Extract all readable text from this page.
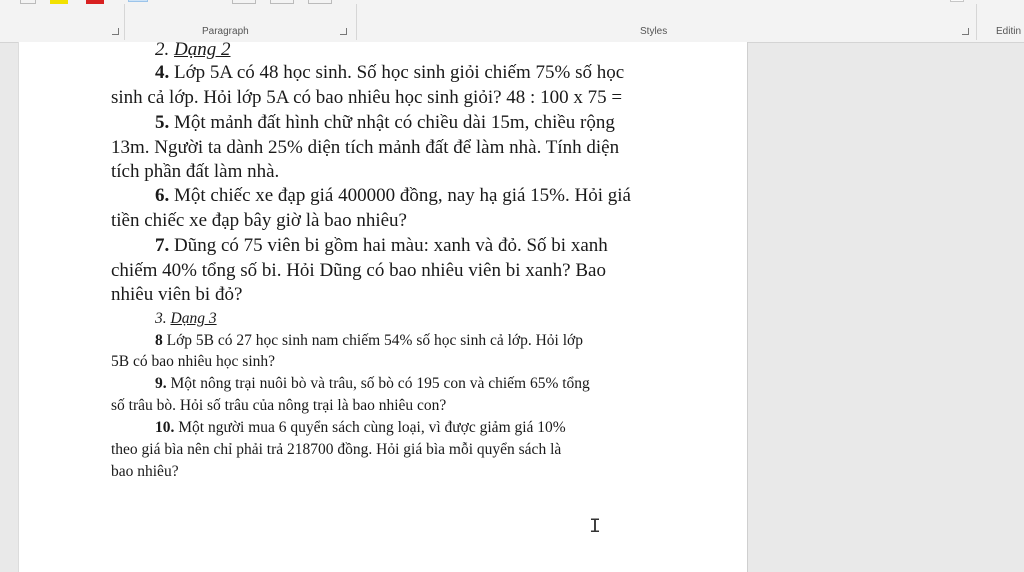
Paragraph	Styles	Editin
2. Dạng 2
4. Lớp 5A có 48 học sinh. Số học sinh giỏi chiếm 75% số học
sinh cả lớp. Hỏi lớp 5A có bao nhiêu học sinh giỏi? 48 : 100 x 75 =
5. Một mảnh đất hình chữ nhật có chiều dài 15m, chiều rộng
13m. Người ta dành 25% diện tích mảnh đất để làm nhà. Tính diện
tích phần đất làm nhà.
6. Một chiếc xe đạp giá 400000 đồng, nay hạ giá 15%. Hỏi giá
tiền chiếc xe đạp bây giờ là bao nhiêu?
7. Dũng có 75 viên bi gồm hai màu: xanh và đỏ. Số bi xanh
chiếm 40% tổng số bi. Hỏi Dũng có bao nhiêu viên bi xanh? Bao
nhiêu viên bi đỏ?
3. Dạng 3
8 Lớp 5B có 27 học sinh nam chiếm 54% số học sinh cả lớp. Hỏi lớp
5B có bao nhiêu học sinh?
9. Một nông trại nuôi bò và trâu, số bò có 195 con và chiếm 65% tổng
số trâu bò. Hỏi số trâu của nông trại là bao nhiêu con?
10. Một người mua 6 quyển sách cùng loại, vì được giảm giá 10%
theo giá bìa nên chỉ phải trả 218700 đồng. Hỏi giá bìa mỗi quyển sách là
bao nhiêu?
I
